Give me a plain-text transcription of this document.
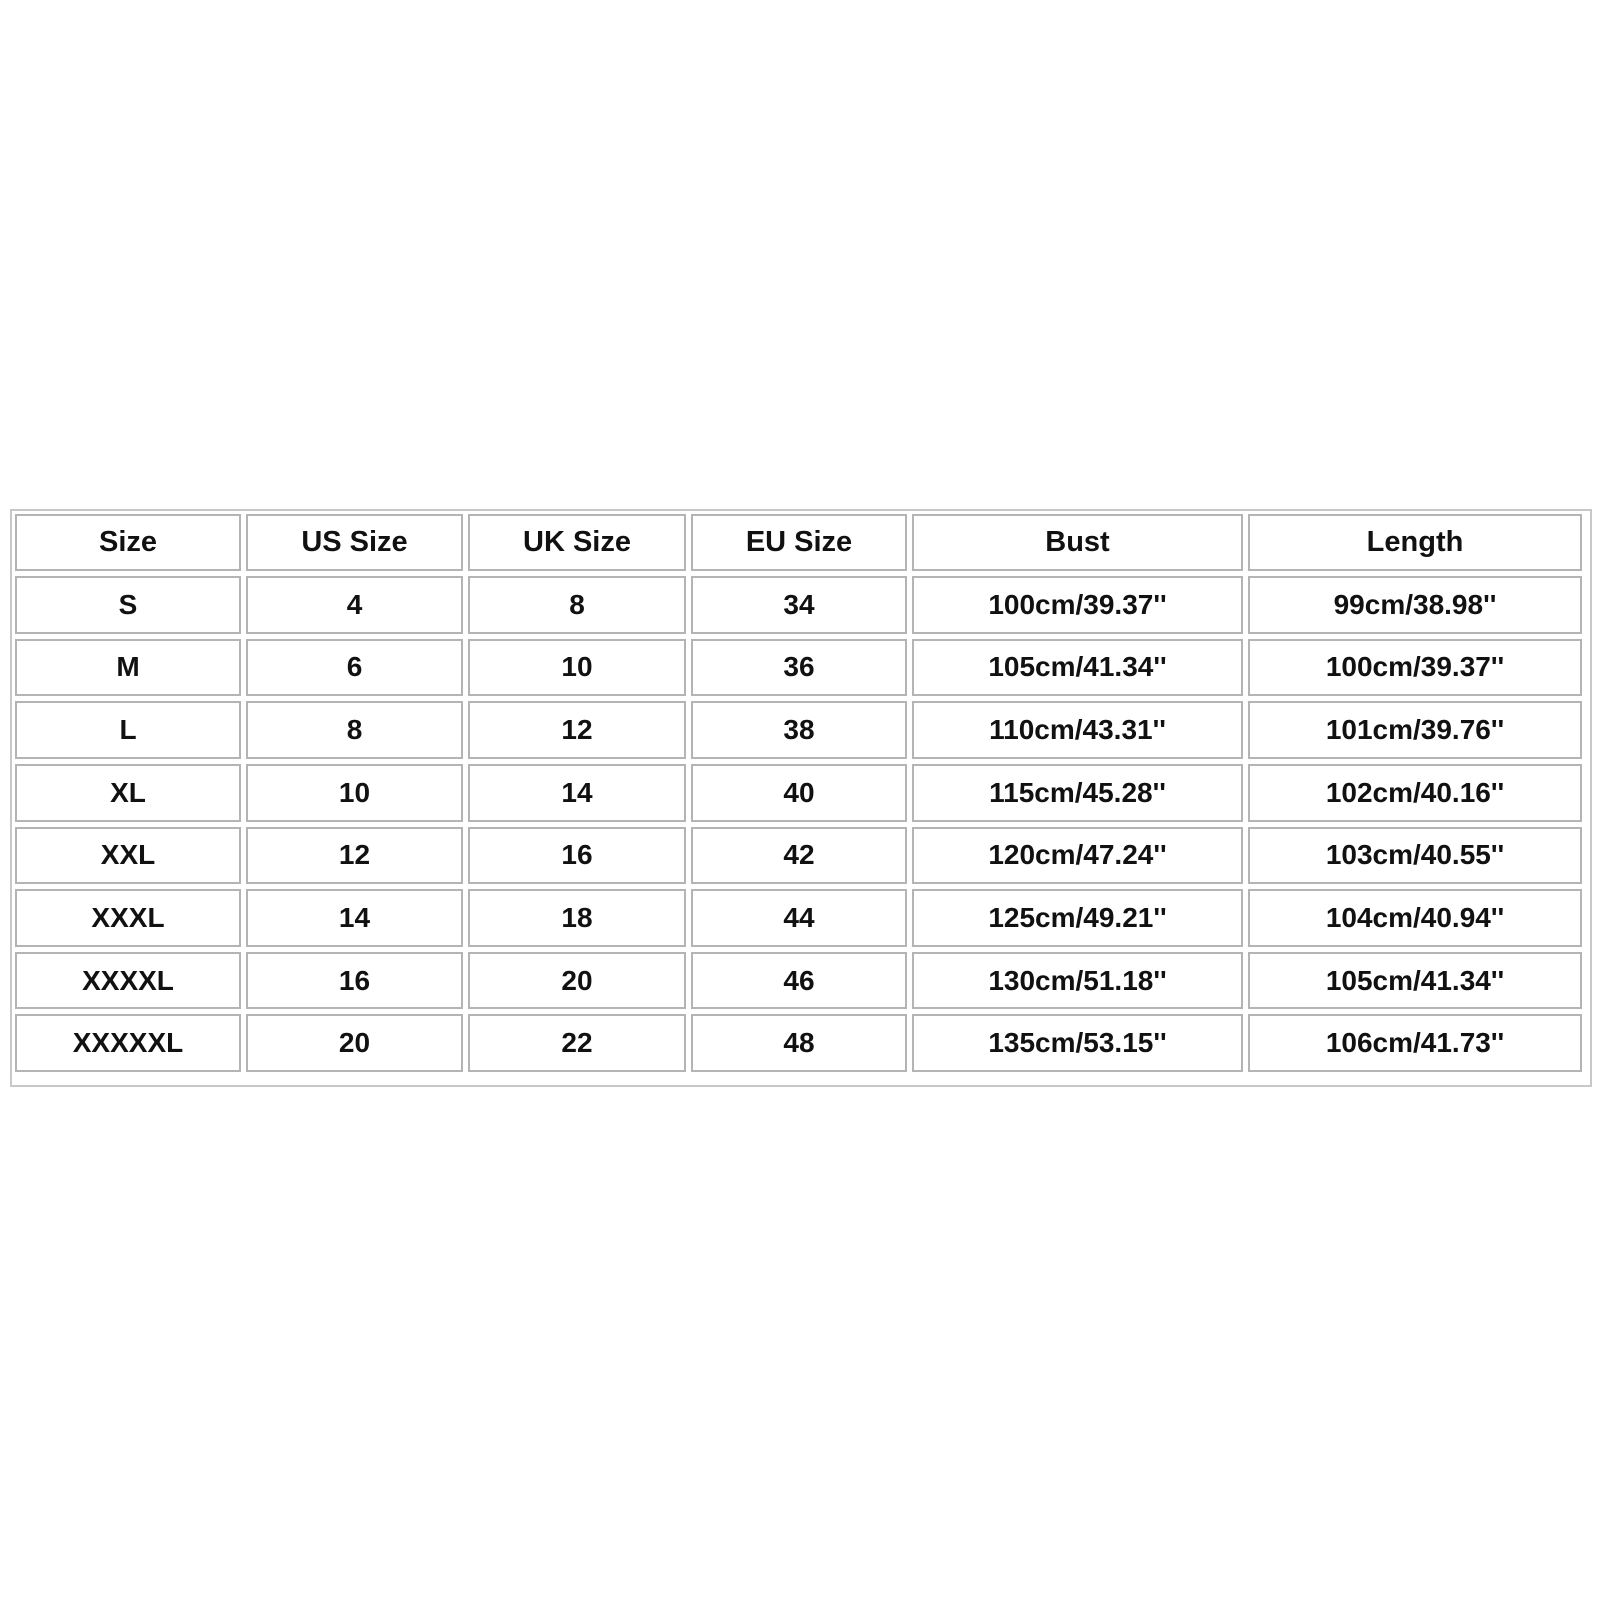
Size	US Size	UK Size	EU Size	Bust	Length
S	4	8	34	100cm/39.37''	99cm/38.98''
M	6	10	36	105cm/41.34''	100cm/39.37''
L	8	12	38	110cm/43.31''	101cm/39.76''
XL	10	14	40	115cm/45.28''	102cm/40.16''
XXL	12	16	42	120cm/47.24''	103cm/40.55''
XXXL	14	18	44	125cm/49.21''	104cm/40.94''
XXXXL	16	20	46	130cm/51.18''	105cm/41.34''
XXXXXL	20	22	48	135cm/53.15''	106cm/41.73''
